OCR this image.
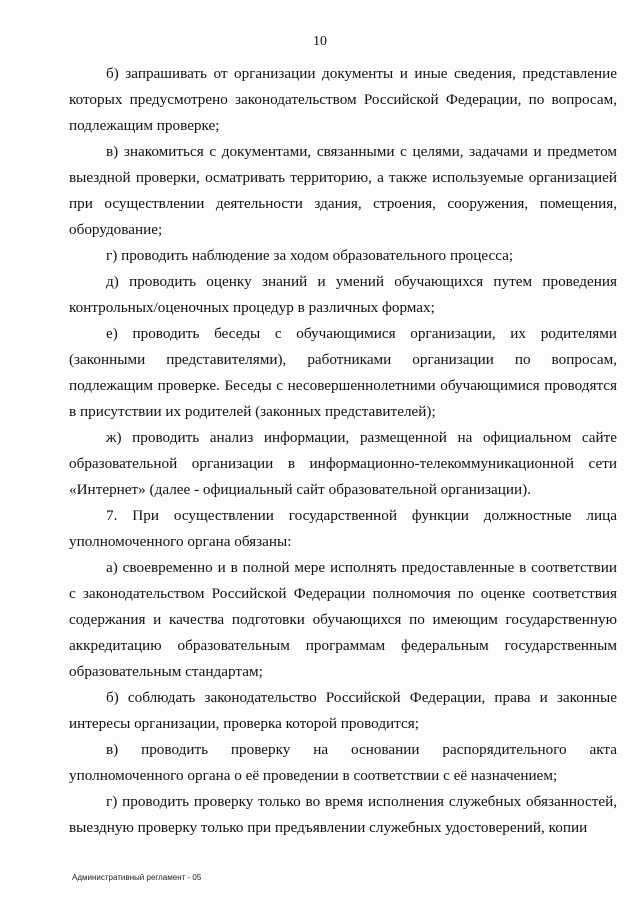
10

б) запрашивать от организации документы и иные сведения, представление которых предусмотрено законодательством Российской Федерации, по вопросам, подлежащим проверке;

в) знакомиться с документами, связанными с целями, задачами и предметом выездной проверки, осматривать территорию, а также используемые организацией при осуществлении деятельности здания, строения, сооружения, помещения, оборудование;

г) проводить наблюдение за ходом образовательного процесса;

д) проводить оценку знаний и умений обучающихся путем проведения контрольных/оценочных процедур в различных формах;

е) проводить беседы с обучающимися организации, их родителями (законными представителями), работниками организации по вопросам, подлежащим проверке. Беседы с несовершеннолетними обучающимися проводятся в присутствии их родителей (законных представителей);

ж) проводить анализ информации, размещенной на официальном сайте образовательной организации в информационно-телекоммуникационной сети «Интернет» (далее - официальный сайт образовательной организации).

7. При осуществлении государственной функции должностные лица уполномоченного органа обязаны:

а) своевременно и в полной мере исполнять предоставленные в соответствии с законодательством Российской Федерации полномочия по оценке соответствия содержания и качества подготовки обучающихся по имеющим государственную аккредитацию образовательным программам федеральным государственным образовательным стандартам;

б) соблюдать законодательство Российской Федерации, права и законные интересы организации, проверка которой проводится;

в) проводить проверку на основании распорядительного акта уполномоченного органа о её проведении в соответствии с её назначением;

г) проводить проверку только во время исполнения служебных обязанностей, выездную проверку только при предъявлении служебных удостоверений, копии

Административный регламент - 05
